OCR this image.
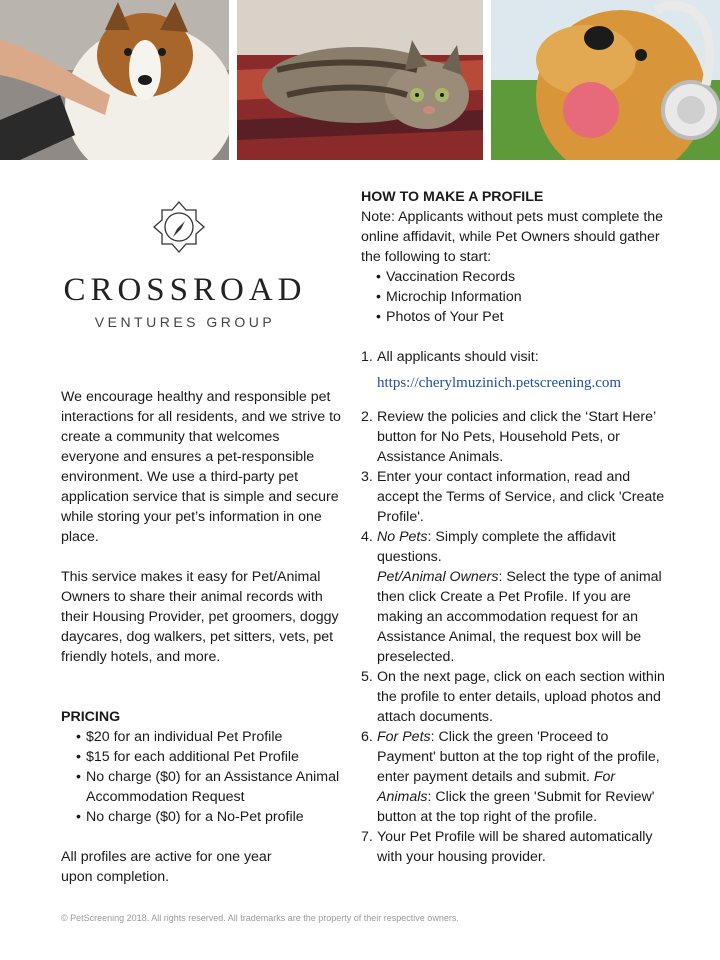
CROSSROAD
VENTURES GROUP
We encourage healthy and responsible pet interactions for all residents, and we strive to create a community that welcomes everyone and ensures a pet-responsible environment. We use a third-party pet application service that is simple and secure while storing your pet’s information in one place.
This service makes it easy for Pet/Animal Owners to share their animal records with their Housing Provider, pet groomers, doggy daycares, dog walkers, pet sitters, vets, pet friendly hotels, and more.
PRICING
• $20 for an individual Pet Profile
• $15 for each additional Pet Profile
• No charge ($0) for an Assistance Animal Accommodation Request
• No charge ($0) for a No-Pet profile
All profiles are active for one year upon completion.
HOW TO MAKE A PROFILE
Note: Applicants without pets must complete the online affidavit, while Pet Owners should gather the following to start:
• Vaccination Records
• Microchip Information
• Photos of Your Pet
1. All applicants should visit:
https://cherylmuzinich.petscreening.com
2. Review the policies and click the ‘Start Here’ button for No Pets, Household Pets, or Assistance Animals.
3. Enter your contact information, read and accept the Terms of Service, and click 'Create Profile'.
4. No Pets: Simply complete the affidavit questions.
Pet/Animal Owners: Select the type of animal then click Create a Pet Profile. If you are making an accommodation request for an Assistance Animal, the request box will be preselected.
5. On the next page, click on each section within the profile to enter details, upload photos and attach documents.
6. For Pets: Click the green 'Proceed to Payment' button at the top right of the profile, enter payment details and submit. For Animals: Click the green 'Submit for Review' button at the top right of the profile.
7. Your Pet Profile will be shared automatically with your housing provider.
© PetScreening 2018. All rights reserved. All trademarks are the property of their respective owners.
